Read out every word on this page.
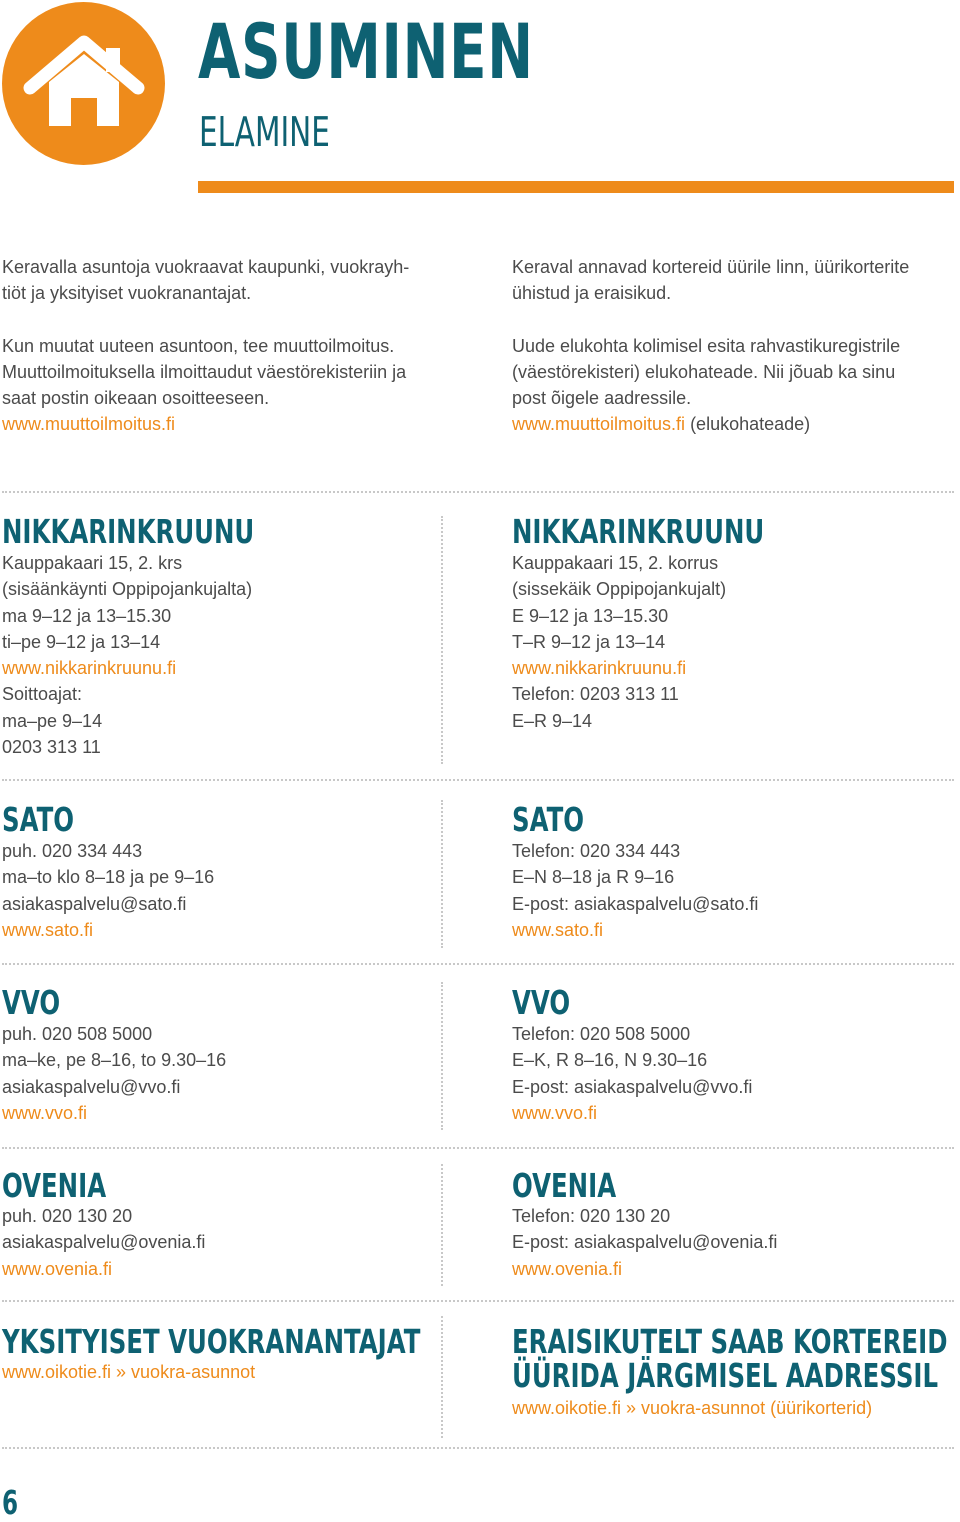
ASUMINEN
ELAMINE
Keravalla asuntoja vuokraavat kaupunki, vuokrayh-
tiöt ja yksityiset vuokranantajat.
Kun muutat uuteen asuntoon, tee muuttoilmoitus.
Muuttoilmoituksella ilmoittaudut väestörekisteriin ja
saat postin oikeaan osoitteeseen.
www.muuttoilmoitus.fi
Keraval annavad kortereid üürile linn, üürikorterite
ühistud ja eraisikud.
Uude elukohta kolimisel esita rahvastikuregistrile
(väestörekisteri) elukohateade. Nii jõuab ka sinu
post õigele aadressile.
www.muuttoilmoitus.fi (elukohateade)
NIKKARINKRUUNU
Kauppakaari 15, 2. krs
(sisäänkäynti Oppipojankujalta)
ma 9–12 ja 13–15.30
ti–pe 9–12 ja 13–14
www.nikkarinkruunu.fi
Soittoajat:
ma–pe 9–14
0203 313 11
NIKKARINKRUUNU
Kauppakaari 15, 2. korrus
(sissekäik Oppipojankujalt)
E 9–12 ja 13–15.30
T–R 9–12 ja 13–14
www.nikkarinkruunu.fi
Telefon: 0203 313 11
E–R 9–14
SATO
puh. 020 334 443
ma–to klo 8–18 ja pe 9–16
asiakaspalvelu@sato.fi
www.sato.fi
SATO
Telefon: 020 334 443
E–N 8–18 ja R 9–16
E-post: asiakaspalvelu@sato.fi
www.sato.fi
VVO
puh. 020 508 5000
ma–ke, pe 8–16, to 9.30–16
asiakaspalvelu@vvo.fi
www.vvo.fi
VVO
Telefon: 020 508 5000
E–K, R 8–16, N 9.30–16
E-post: asiakaspalvelu@vvo.fi
www.vvo.fi
OVENIA
puh. 020 130 20
asiakaspalvelu@ovenia.fi
www.ovenia.fi
OVENIA
Telefon: 020 130 20
E-post: asiakaspalvelu@ovenia.fi
www.ovenia.fi
YKSITYISET VUOKRANANTAJAT
www.oikotie.fi » vuokra-asunnot
ERAISIKUTELT SAAB KORTEREID
ÜÜRIDA JÄRGMISEL AADRESSIL
www.oikotie.fi » vuokra-asunnot (üürikorterid)
6
